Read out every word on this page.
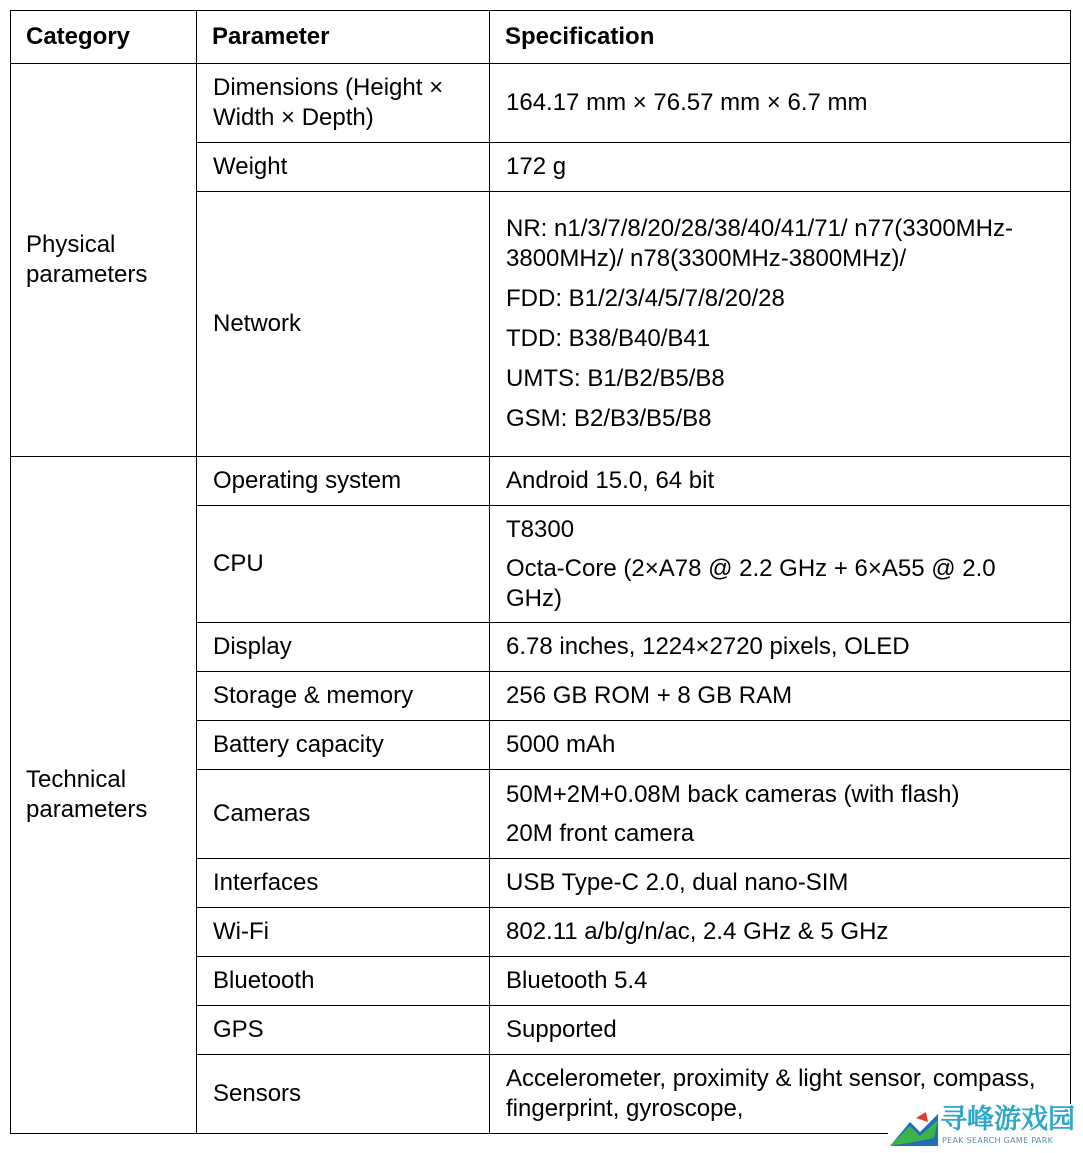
Category	Parameter	Specification
Physical parameters	Dimensions (Height × Width × Depth)	164.17 mm × 76.57 mm × 6.7 mm
	Weight	172 g
	Network	NR: n1/3/7/8/20/28/38/40/41/71/ n77(3300MHz-3800MHz)/ n78(3300MHz-3800MHz)/
FDD: B1/2/3/4/5/7/8/20/28
TDD: B38/B40/B41
UMTS: B1/B2/B5/B8
GSM: B2/B3/B5/B8

Technical parameters	Operating system	Android 15.0, 64 bit
	CPU	T8300
Octa-Core (2×A78 @ 2.2 GHz + 6×A55 @ 2.0 GHz)

	Display	6.78 inches, 1224×2720 pixels, OLED
	Storage & memory	256 GB ROM + 8 GB RAM
	Battery capacity	5000 mAh
	Cameras	50M+2M+0.08M back cameras (with flash)
20M front camera

	Interfaces	USB Type-C 2.0, dual nano-SIM
	Wi-Fi	802.11 a/b/g/n/ac, 2.4 GHz & 5 GHz
	Bluetooth	Bluetooth 5.4
	GPS	Supported
	Sensors	Accelerometer, proximity & light sensor, compass, fingerprint, gyroscope,	寻峰游戏园
PEAK SEARCH GAME PARK
